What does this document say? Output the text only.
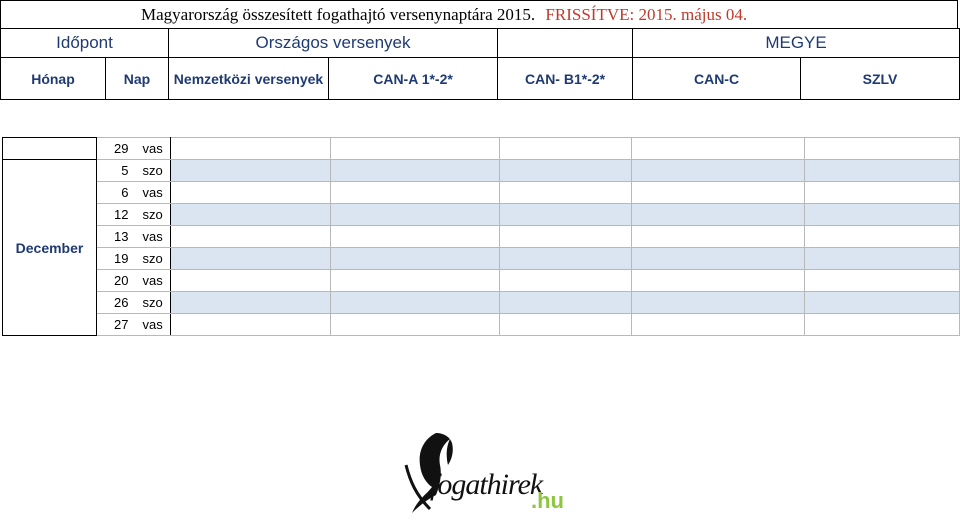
Magyarország összesített fogathajtó versenynaptára 2015. FRISSÍTVE: 2015. május 04.
Időpont		Országos versenyek			MEGYE	
Hónap	Nap	Nemzetközi versenyek	CAN-A 1*-2*	CAN- B1*-2*	CAN-C	SZLV
	29	vas					
December	5	szo					
	6	vas					
	12	szo					
	13	vas					
	19	szo					
	20	vas					
	26	szo					
	27	vas					
fogathirek
.hu
